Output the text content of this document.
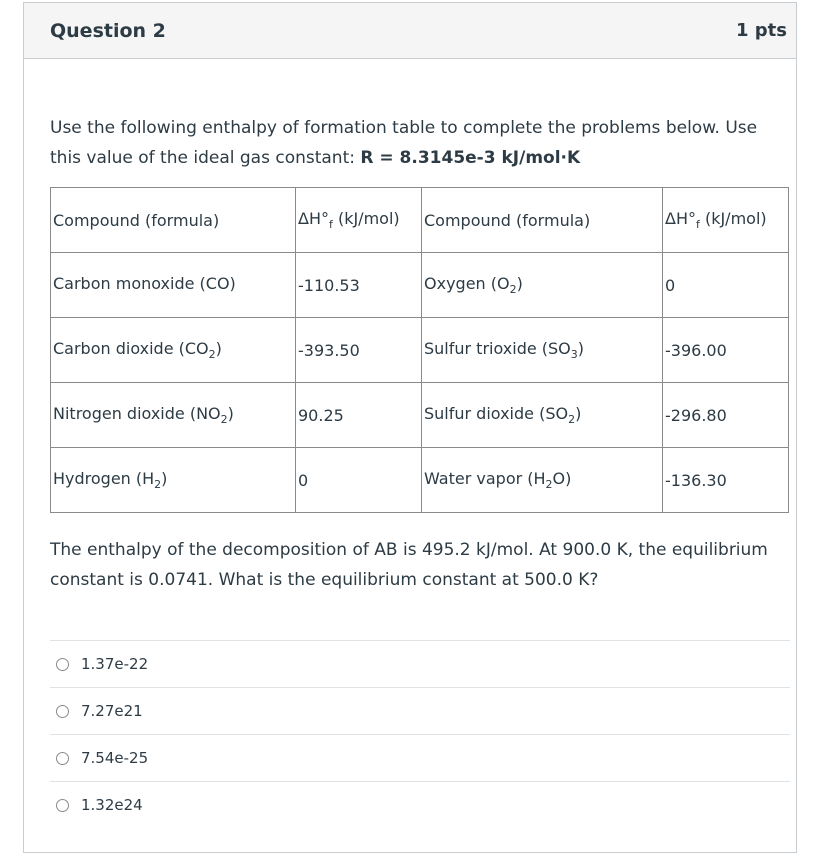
Question 2	1 pts
Use the following enthalpy of formation table to complete the problems below. Use this value of the ideal gas constant: R = 8.3145e-3 kJ/mol·K
Compound (formula)	$\Delta H^\circ_f$ (kJ/mol)	Compound (formula)	$\Delta H^\circ_f$ (kJ/mol)
Carbon monoxide (CO)	-110.53	Oxygen $(O_2)$	0
Carbon dioxide $(CO_2)$	-393.50	Sulfur trioxide $(SO_3)$	-396.00
Nitrogen dioxide $(NO_2)$	90.25	Sulfur dioxide $(SO_2)$	-296.80
Hydrogen $(H_2)$	0	Water vapor $(H_2O)$	-136.30
The enthalpy of the decomposition of AB is 495.2 kJ/mol. At 900.0 K, the equilibrium constant is 0.0741. What is the equilibrium constant at 500.0 K?
1.37e-22
7.27e21
7.54e-25
1.32e24
